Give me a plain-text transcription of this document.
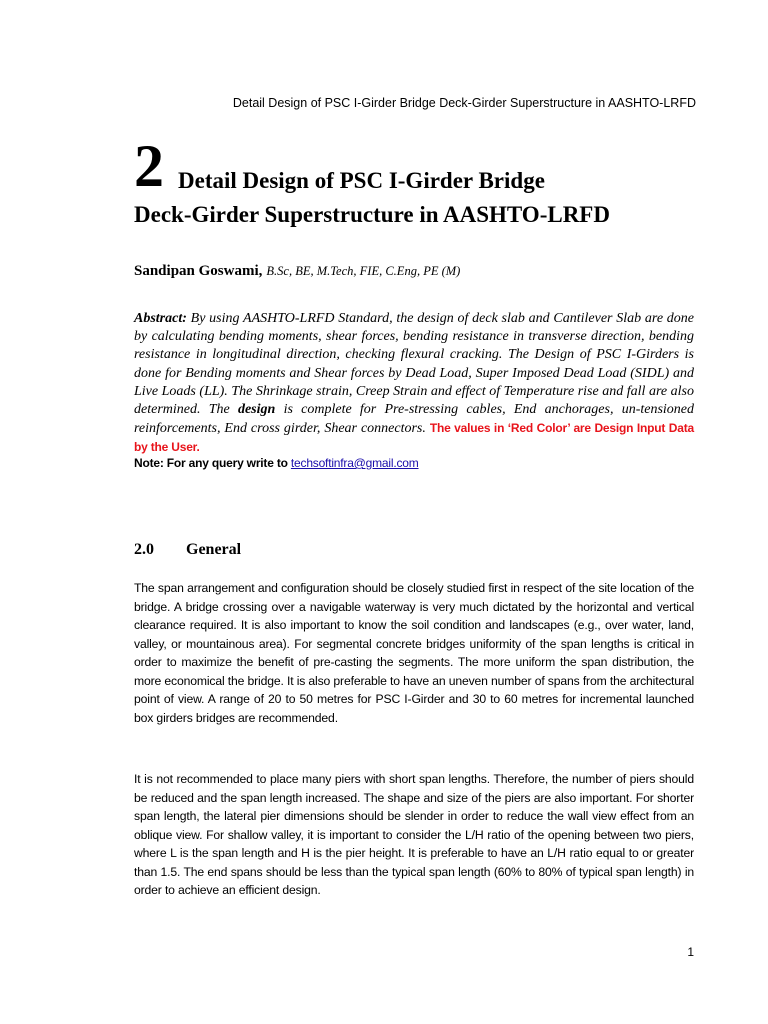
Detail Design of PSC I-Girder Bridge Deck-Girder Superstructure in AASHTO-LRFD
2 Detail Design of PSC I-Girder Bridge
Deck-Girder Superstructure in AASHTO-LRFD
Sandipan Goswami, B.Sc, BE, M.Tech, FIE, C.Eng, PE (M)
Abstract: By using AASHTO-LRFD Standard, the design of deck slab and Cantilever Slab are done by calculating bending moments, shear forces, bending resistance in transverse direction, bending resistance in longitudinal direction, checking flexural cracking. The Design of PSC I-Girders is done for Bending moments and Shear forces by Dead Load, Super Imposed Dead Load (SIDL) and Live Loads (LL). The Shrinkage strain, Creep Strain and effect of Temperature rise and fall are also determined. The design is complete for Pre-stressing cables, End anchorages, un-tensioned reinforcements, End cross girder, Shear connectors. The values in ‘Red Color’ are Design Input Data by the User.
Note: For any query write to techsoftinfra@gmail.com
2.0 General

The span arrangement and configuration should be closely studied first in respect of the site location of the bridge. A bridge crossing over a navigable waterway is very much dictated by the horizontal and vertical clearance required. It is also important to know the soil condition and landscapes (e.g., over water, land, valley, or mountainous area). For segmental concrete bridges uniformity of the span lengths is critical in order to maximize the benefit of pre-casting the segments. The more uniform the span distribution, the more economical the bridge. It is also preferable to have an uneven number of spans from the architectural point of view. A range of 20 to 50 metres for PSC I-Girder and 30 to 60 metres for incremental launched box girders bridges are recommended.

It is not recommended to place many piers with short span lengths. Therefore, the number of piers should be reduced and the span length increased. The shape and size of the piers are also important. For shorter span length, the lateral pier dimensions should be slender in order to reduce the wall view effect from an oblique view. For shallow valley, it is important to consider the L/H ratio of the opening between two piers, where L is the span length and H is the pier height. It is preferable to have an L/H ratio equal to or greater than 1.5. The end spans should be less than the typical span length (60% to 80% of typical span length) in order to achieve an efficient design.

1
